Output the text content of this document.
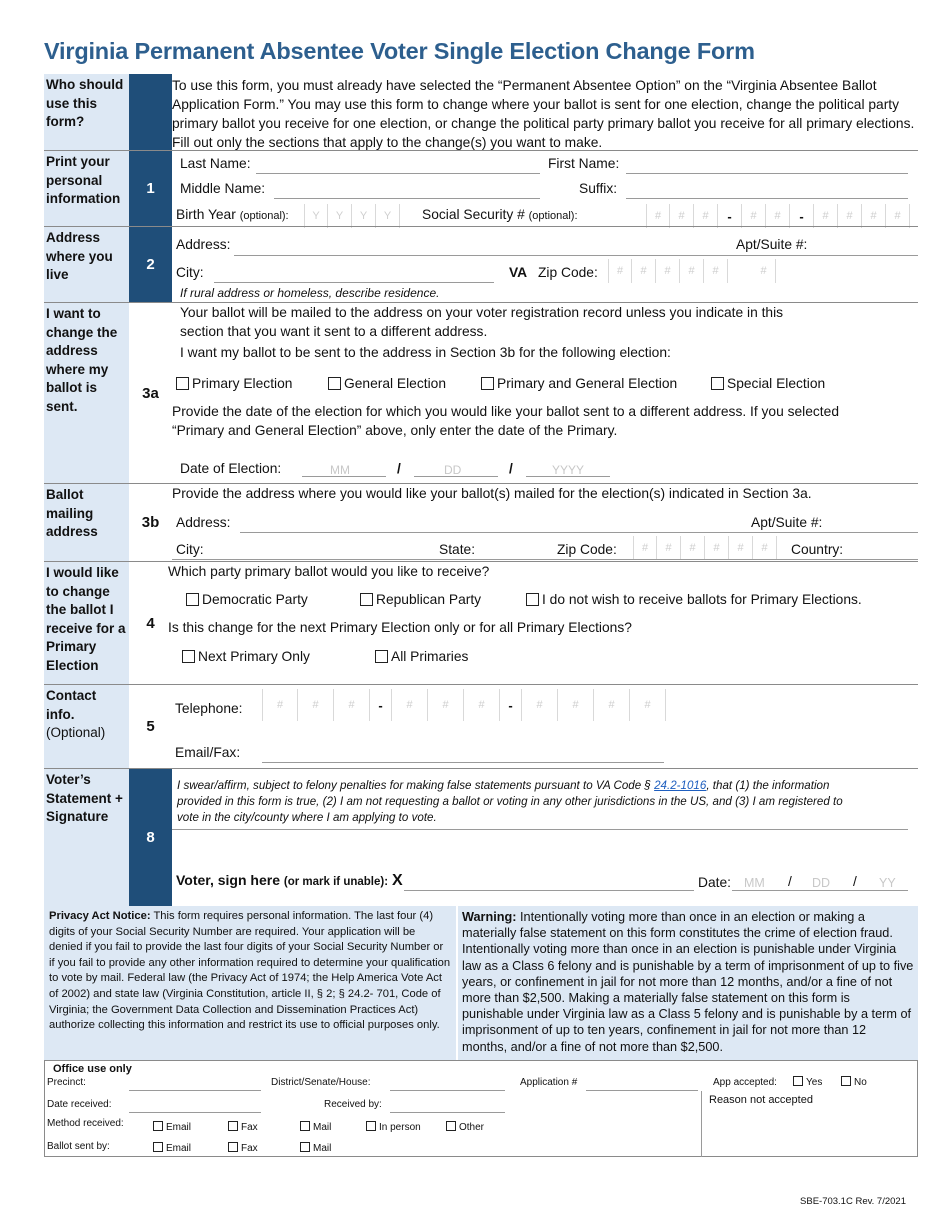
Virginia Permanent Absentee Voter Single Election Change Form
Who should use this form?
To use this form, you must already have selected the “Permanent Absentee Option” on the “Virginia Absentee Ballot Application Form.” You may use this form to change where your ballot is sent for one election, change the political party primary ballot you receive for one election, or change the political party primary ballot you receive for all primary elections. Fill out only the sections that apply to the change(s) you want to make.
Print your personal information
1
Last Name:	First Name:
Middle Name:	Suffix:
Birth Year (optional):	Y	Y	Y	Y	Social Security # (optional):	#	#	#	-	#	#	-	#	#	#	#
Address where you live
2
Address:	Apt/Suite #:
City:	VA Zip Code:	#	#	#	#	#	#
If rural address or homeless, describe residence.
I want to change the address where my ballot is sent.
3a
Your ballot will be mailed to the address on your voter registration record unless you indicate in this
section that you want it sent to a different address.
I want my ballot to be sent to the address in Section 3b for the following election:
Primary Election	General Election	Primary and General Election	Special Election
Provide the date of the election for which you would like your ballot sent to a different address. If you selected
“Primary and General Election” above, only enter the date of the Primary.
Date of Election:	MM	/	DD	/	YYYY
Ballot mailing address
3b
Provide the address where you would like your ballot(s) mailed for the election(s) indicated in Section 3a.
Address:	Apt/Suite #:
City:	State:	Zip Code:	#	#	#	#	#	#	Country:
I would like to change the ballot I receive for a Primary Election
4
Which party primary ballot would you like to receive?
Democratic Party	Republican Party	I do not wish to receive ballots for Primary Elections.
Is this change for the next Primary Election only or for all Primary Elections?
Next Primary Only	All Primaries
Contact info.
(Optional)	5
Telephone:	#	#	#	-	#	#	#	-	#	#	#	#
Email/Fax:
Voter’s Statement + Signature
8
I swear/affirm, subject to felony penalties for making false statements pursuant to VA Code § 24.2-1016, that (1) the information
provided in this form is true, (2) I am not requesting a ballot or voting in any other jurisdictions in the US, and (3) I am registered to
vote in the city/county where I am applying to vote.
Voter, sign here (or mark if unable): X	Date: MM / DD / YY
Privacy Act Notice: This form requires personal information. The last four (4) digits of your Social Security Number are required. Your application will be denied if you fail to provide the last four digits of your Social Security Number or if you fail to provide any other information required to determine your qualification to vote by mail. Federal law (the Privacy Act of 1974; the Help America Vote Act of 2002) and state law (Virginia Constitution, article II, § 2; § 24.2- 701, Code of Virginia; the Government Data Collection and Dissemination Practices Act) authorize collecting this information and restrict its use to official purposes only.
Warning: Intentionally voting more than once in an election or making a materially false statement on this form constitutes the crime of election fraud. Intentionally voting more than once in an election is punishable under Virginia law as a Class 6 felony and is punishable by a term of imprisonment of up to five years, or confinement in jail for not more than 12 months, and/or a fine of not more than $2,500. Making a materially false statement on this form is punishable under Virginia law as a Class 5 felony and is punishable by a term of imprisonment of up to ten years, confinement in jail for not more than 12 months, and/or a fine of not more than $2,500.
Office use only
Precinct:	District/Senate/House:	Application #	App accepted:	Yes	No
Reason not accepted
Date received:	Received by:
Method received:	Email	Fax	Mail	In person	Other
Ballot sent by:	Email	Fax	Mail
SBE-703.1C Rev. 7/2021
